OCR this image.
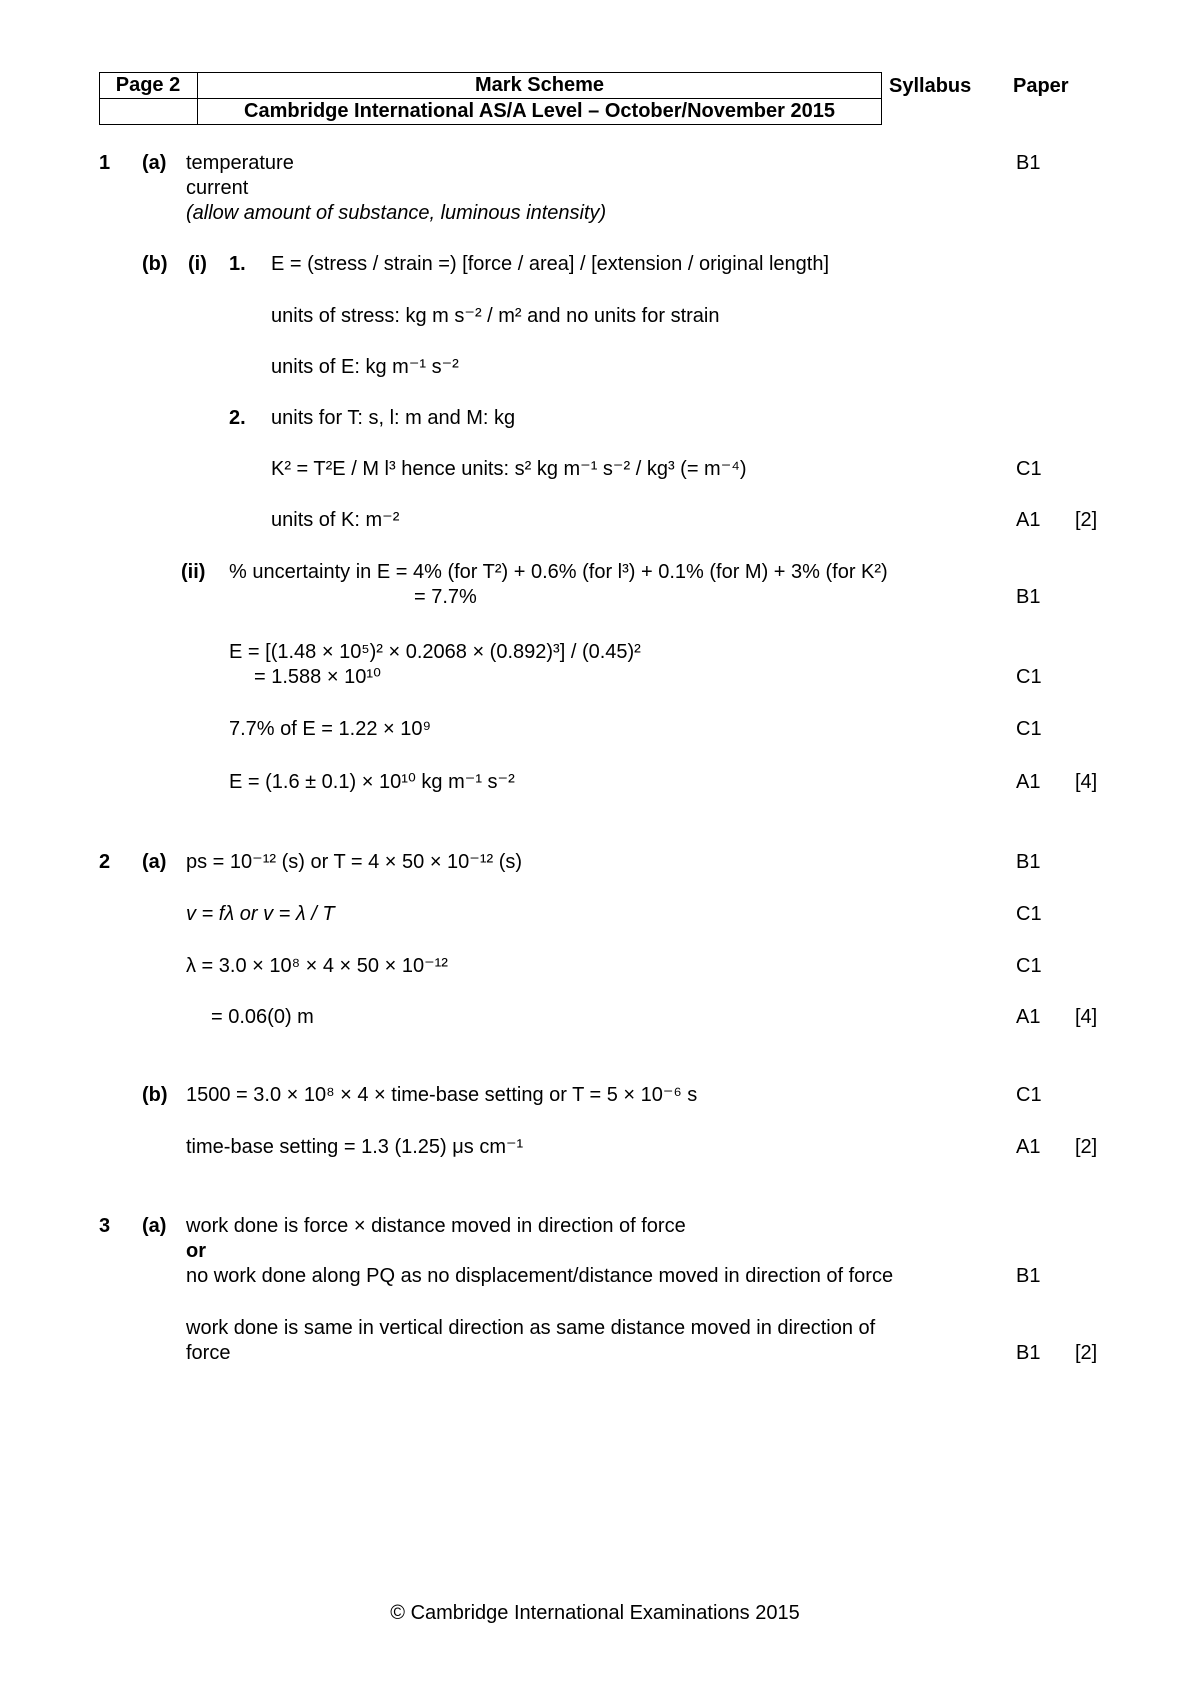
Page 2	Mark Scheme
Cambridge International AS/A Level – October/November 2015
Syllabus Paper
1 (a) temperature
current
(allow amount of substance, luminous intensity)
B1
(b) (i) 1. E = (stress / strain =) [force / area] / [extension / original length]
units of stress: kg m s⁻² / m² and no units for strain
units of E: kg m⁻¹ s⁻²
2. units for T: s, l: m and M: kg
K² = T²E / M l³ hence units: s² kg m⁻¹ s⁻² / kg³ (= m⁻⁴)	C1
units of K: m⁻²	A1 [2]
(ii) % uncertainty in E = 4% (for T²) + 0.6% (for l³) + 0.1% (for M) + 3% (for K²)
= 7.7%	B1
E = [(1.48 × 10⁵)² × 0.2068 × (0.892)³] / (0.45)²
= 1.588 × 10¹⁰	C1
7.7% of E = 1.22 × 10⁹	C1
E = (1.6 ± 0.1) × 10¹⁰ kg m⁻¹ s⁻²	A1 [4]
2 (a) ps = 10⁻¹² (s) or T = 4 × 50 × 10⁻¹² (s)	B1
v = fλ or v = λ / T	C1
λ = 3.0 × 10⁸ × 4 × 50 × 10⁻¹²	C1
= 0.06(0) m	A1 [4]
(b) 1500 = 3.0 × 10⁸ × 4 × time-base setting or T = 5 × 10⁻⁶ s	C1
time-base setting = 1.3 (1.25) μs cm⁻¹	A1 [2]
3 (a) work done is force × distance moved in direction of force
or
no work done along PQ as no displacement/distance moved in direction of force	B1
work done is same in vertical direction as same distance moved in direction of
force	B1 [2]
© Cambridge International Examinations 2015
